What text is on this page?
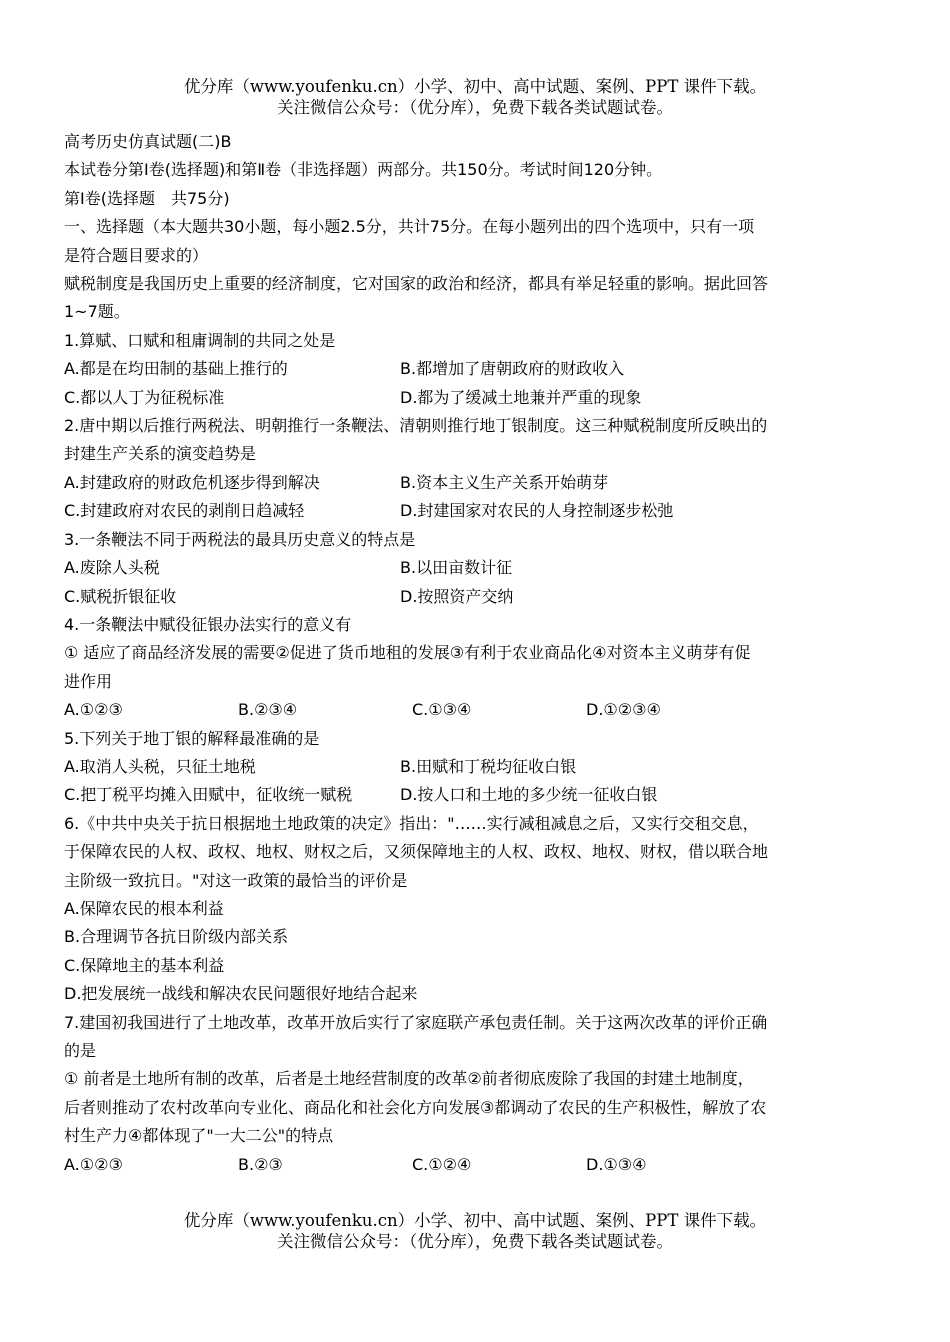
优分库（www.youfenku.cn）小学、初中、高中试题、案例、PPT 课件下载。
关注微信公众号：（优分库），免费下载各类试题试卷。
高考历史仿真试题(二)B
本试卷分第Ⅰ卷(选择题)和第Ⅱ卷（非选择题）两部分。共150分。考试时间120分钟。
第Ⅰ卷(选择题　共75分)
一、选择题（本大题共30小题，每小题2.5分，共计75分。在每小题列出的四个选项中，只有一项
是符合题目要求的）
赋税制度是我国历史上重要的经济制度，它对国家的政治和经济，都具有举足轻重的影响。据此回答
1~7题。
1.算赋、口赋和租庸调制的共同之处是
A.都是在均田制的基础上推行的	B.都增加了唐朝政府的财政收入
C.都以人丁为征税标准	D.都为了缓减土地兼并严重的现象
2.唐中期以后推行两税法、明朝推行一条鞭法、清朝则推行地丁银制度。这三种赋税制度所反映出的
封建生产关系的演变趋势是
A.封建政府的财政危机逐步得到解决	B.资本主义生产关系开始萌芽
C.封建政府对农民的剥削日趋减轻	D.封建国家对农民的人身控制逐步松弛
3.一条鞭法不同于两税法的最具历史意义的特点是
A.废除人头税	B.以田亩数计征
C.赋税折银征收	D.按照资产交纳
4.一条鞭法中赋役征银办法实行的意义有
① 适应了商品经济发展的需要②促进了货币地租的发展③有利于农业商品化④对资本主义萌芽有促
进作用
A.①②③	B.②③④	C.①③④	D.①②③④
5.下列关于地丁银的解释最准确的是
A.取消人头税，只征土地税	B.田赋和丁税均征收白银
C.把丁税平均摊入田赋中，征收统一赋税	D.按人口和土地的多少统一征收白银
6.《中共中央关于抗日根据地土地政策的决定》指出："……实行减租减息之后，又实行交租交息，
于保障农民的人权、政权、地权、财权之后，又须保障地主的人权、政权、地权、财权，借以联合地
主阶级一致抗日。"对这一政策的最恰当的评价是
A.保障农民的根本利益
B.合理调节各抗日阶级内部关系
C.保障地主的基本利益
D.把发展统一战线和解决农民问题很好地结合起来
7.建国初我国进行了土地改革，改革开放后实行了家庭联产承包责任制。关于这两次改革的评价正确
的是
① 前者是土地所有制的改革，后者是土地经营制度的改革②前者彻底废除了我国的封建土地制度，
后者则推动了农村改革向专业化、商品化和社会化方向发展③都调动了农民的生产积极性，解放了农
村生产力④都体现了"一大二公"的特点
A.①②③	B.②③	C.①②④	D.①③④
优分库（www.youfenku.cn）小学、初中、高中试题、案例、PPT 课件下载。
关注微信公众号：（优分库），免费下载各类试题试卷。
